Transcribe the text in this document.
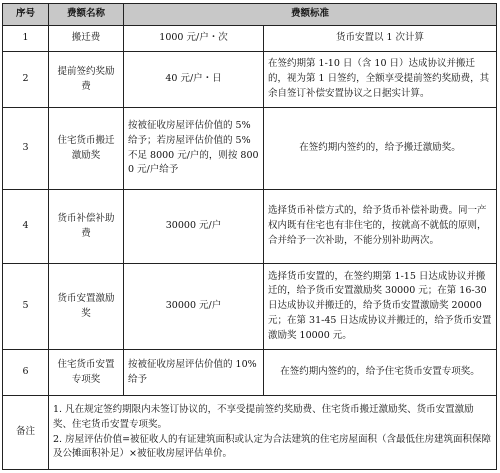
序号	费额名称	费额标准	
1	搬迁费	1000 元/户・次	货币安置以 1 次计算
2	提前签约奖励费	40 元/户・日	在签约期第 1-10 日（含 10 日）达成协议并搬迁的，视为第 1 日签约，全额享受提前签约奖励费，其余自签订补偿安置协议之日据实计算。
3	住宅货币搬迁激励奖	按被征收房屋评估价值的 5% 给予；若房屋评估价值的 5% 不足 8000 元/户的，则按 8000 元/户给予	在签约期内签约的，给予搬迁激励奖。
4	货币补偿补助费	30000 元/户	选择货币补偿方式的，给予货币补偿补助费。同一产权内既有住宅也有非住宅的，按就高不就低的原则，合并给予一次补助，不能分别补助两次。
5	货币安置激励奖	30000 元/户	选择货币安置的，在签约期第 1-15 日达成协议并搬迁的，给予货币安置激励奖 30000 元；在第 16-30 日达成协议并搬迁的，给予货币安置激励奖 20000 元；在第 31-45 日达成协议并搬迁的，给予货币安置激励奖 10000 元。
6	住宅货币安置专项奖	按被征收房屋评估价值的 10%给予	在签约期内签约的，给予住宅货币安置专项奖。
备注	1. 凡在规定签约期限内未签订协议的，不享受提前签约奖励费、住宅货币搬迁激励奖、货币安置激励奖、住宅货币安置专项奖。

2. 房屋评估价值=被征收人的有证建筑面积或认定为合法建筑的住宅房屋面积（含最低住房建筑面积保障及公摊面积补足）×被征收房屋评估单价。		
